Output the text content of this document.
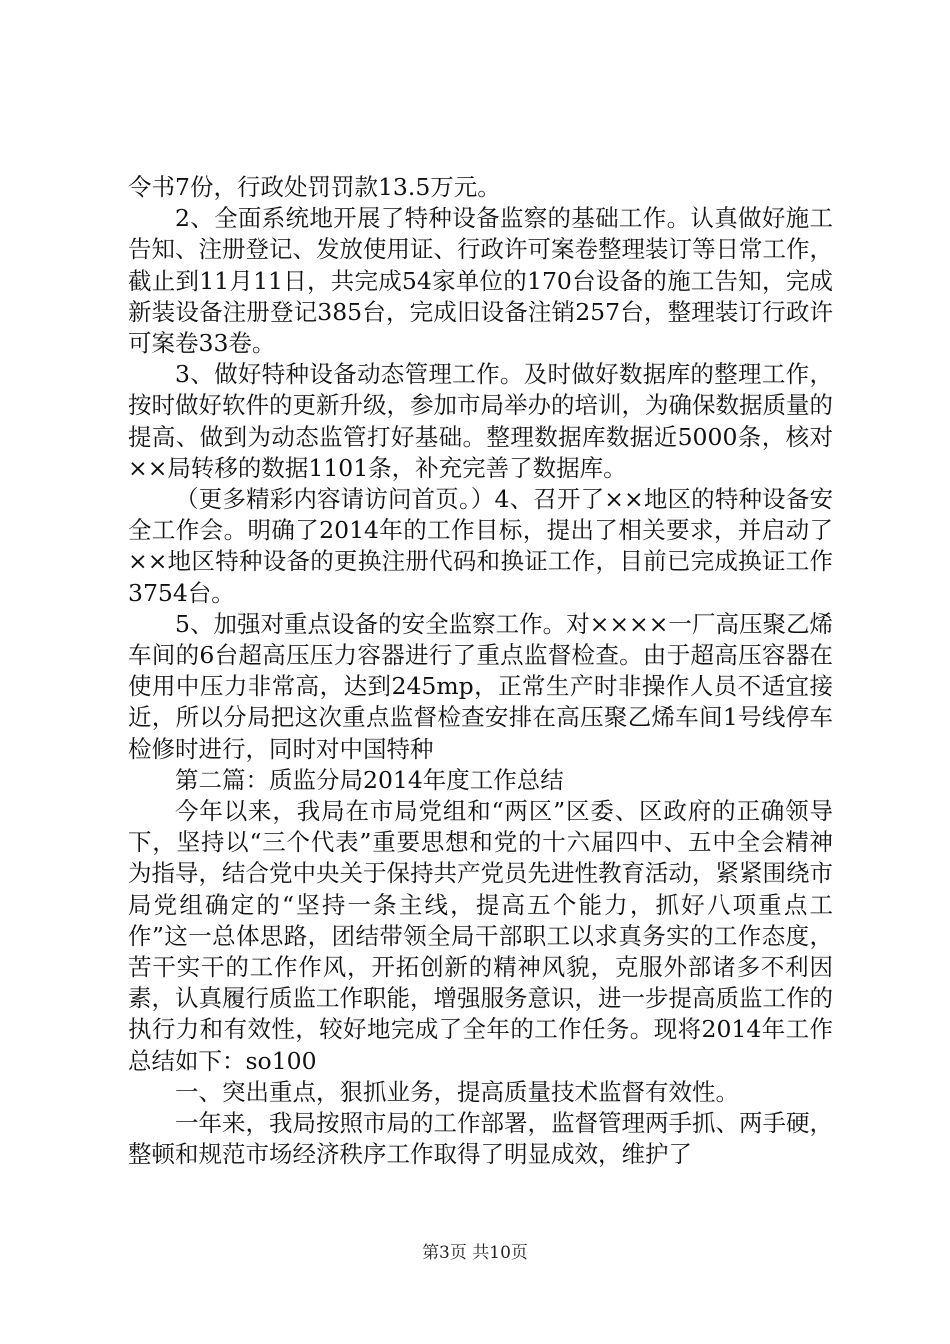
令书7份，行政处罚罚款13.5万元。

2、全面系统地开展了特种设备监察的基础工作。认真做好施工告知、注册登记、发放使用证、行政许可案卷整理装订等日常工作，截止到11月11日，共完成54家单位的170台设备的施工告知，完成新装设备注册登记385台，完成旧设备注销257台，整理装订行政许可案卷33卷。

3、做好特种设备动态管理工作。及时做好数据库的整理工作，按时做好软件的更新升级，参加市局举办的培训，为确保数据质量的提高、做到为动态监管打好基础。整理数据库数据近5000条，核对××局转移的数据1101条，补充完善了数据库。

（更多精彩内容请访问首页。）4、召开了××地区的特种设备安全工作会。明确了2014年的工作目标，提出了相关要求，并启动了××地区特种设备的更换注册代码和换证工作，目前已完成换证工作3754台。

5、加强对重点设备的安全监察工作。对××××一厂高压聚乙烯车间的6台超高压压力容器进行了重点监督检查。由于超高压容器在使用中压力非常高，达到245mp，正常生产时非操作人员不适宜接近，所以分局把这次重点监督检查安排在高压聚乙烯车间1号线停车检修时进行，同时对中国特种

第二篇：质监分局2014年度工作总结

今年以来，我局在市局党组和“两区”区委、区政府的正确领导下，坚持以“三个代表”重要思想和党的十六届四中、五中全会精神为指导，结合党中央关于保持共产党员先进性教育活动，紧紧围绕市局党组确定的“坚持一条主线，提高五个能力，抓好八项重点工作”这一总体思路，团结带领全局干部职工以求真务实的工作态度，苦干实干的工作作风，开拓创新的精神风貌，克服外部诸多不利因素，认真履行质监工作职能，增强服务意识，进一步提高质监工作的执行力和有效性，较好地完成了全年的工作任务。现将2014年工作总结如下：so100

一、突出重点，狠抓业务，提高质量技术监督有效性。

一年来，我局按照市局的工作部署，监督管理两手抓、两手硬，整顿和规范市场经济秩序工作取得了明显成效，维护了

第3页 共10页
